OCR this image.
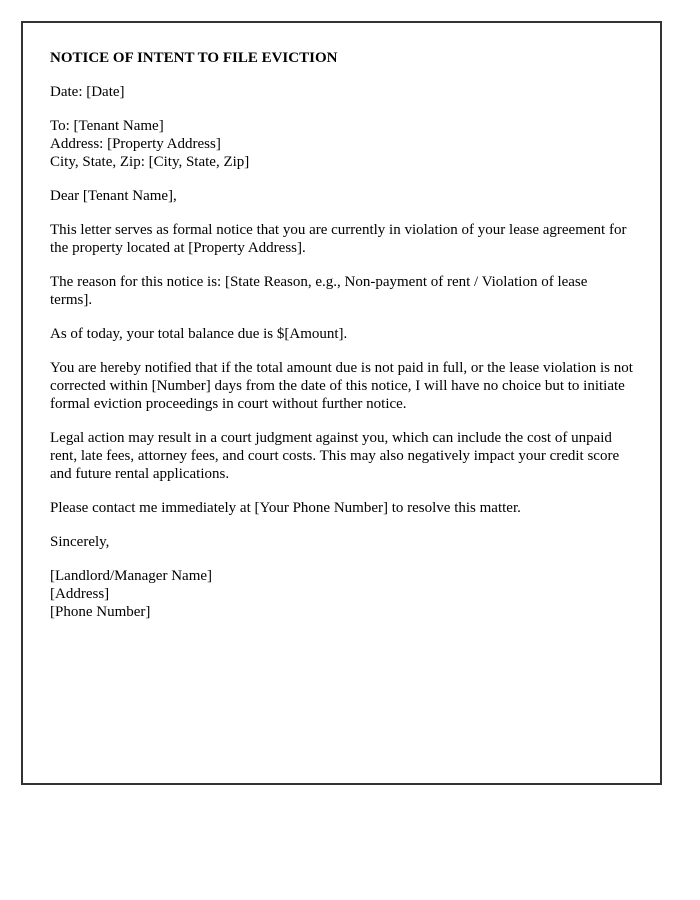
NOTICE OF INTENT TO FILE EVICTION

Date: [Date]

To: [Tenant Name]
Address: [Property Address]
City, State, Zip: [City, State, Zip]

Dear [Tenant Name],

This letter serves as formal notice that you are currently in violation of your lease agreement for the property located at [Property Address].

The reason for this notice is: [State Reason, e.g., Non-payment of rent / Violation of lease terms].

As of today, your total balance due is $[Amount].

You are hereby notified that if the total amount due is not paid in full, or the lease violation is not corrected within [Number] days from the date of this notice, I will have no choice but to initiate formal eviction proceedings in court without further notice.

Legal action may result in a court judgment against you, which can include the cost of unpaid rent, late fees, attorney fees, and court costs. This may also negatively impact your credit score and future rental applications.

Please contact me immediately at [Your Phone Number] to resolve this matter.

Sincerely,

[Landlord/Manager Name]
[Address]
[Phone Number]
